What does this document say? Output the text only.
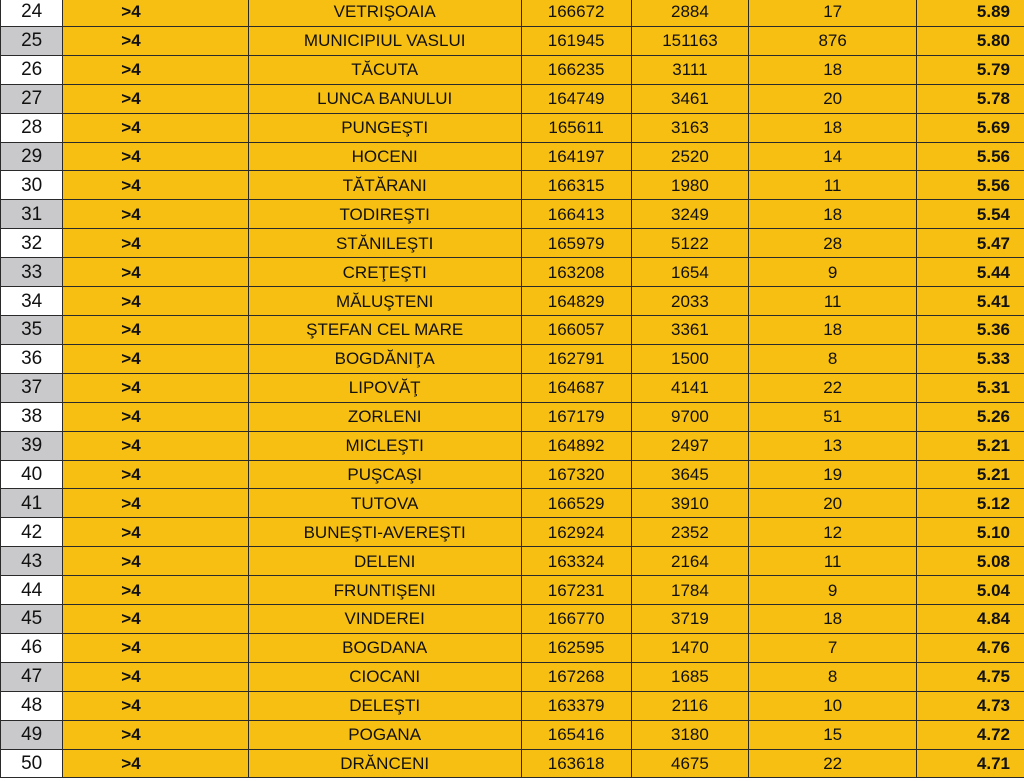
24	>4	VETRIŞOAIA	166672	2884	17	5.89
25	>4	MUNICIPIUL VASLUI	161945	151163	876	5.80
26	>4	TĂCUTA	166235	3111	18	5.79
27	>4	LUNCA BANULUI	164749	3461	20	5.78
28	>4	PUNGEŞTI	165611	3163	18	5.69
29	>4	HOCENI	164197	2520	14	5.56
30	>4	TĂTĂRANI	166315	1980	11	5.56
31	>4	TODIREŞTI	166413	3249	18	5.54
32	>4	STĂNILEŞTI	165979	5122	28	5.47
33	>4	CREŢEŞTI	163208	1654	9	5.44
34	>4	MĂLUŞTENI	164829	2033	11	5.41
35	>4	ŞTEFAN CEL MARE	166057	3361	18	5.36
36	>4	BOGDĂNIŢA	162791	1500	8	5.33
37	>4	LIPOVĂŢ	164687	4141	22	5.31
38	>4	ZORLENI	167179	9700	51	5.26
39	>4	MICLEŞTI	164892	2497	13	5.21
40	>4	PUŞCAŞI	167320	3645	19	5.21
41	>4	TUTOVA	166529	3910	20	5.12
42	>4	BUNEŞTI-AVEREŞTI	162924	2352	12	5.10
43	>4	DELENI	163324	2164	11	5.08
44	>4	FRUNTIŞENI	167231	1784	9	5.04
45	>4	VINDEREI	166770	3719	18	4.84
46	>4	BOGDANA	162595	1470	7	4.76
47	>4	CIOCANI	167268	1685	8	4.75
48	>4	DELEŞTI	163379	2116	10	4.73
49	>4	POGANA	165416	3180	15	4.72
50	>4	DRĂNCENI	163618	4675	22	4.71
